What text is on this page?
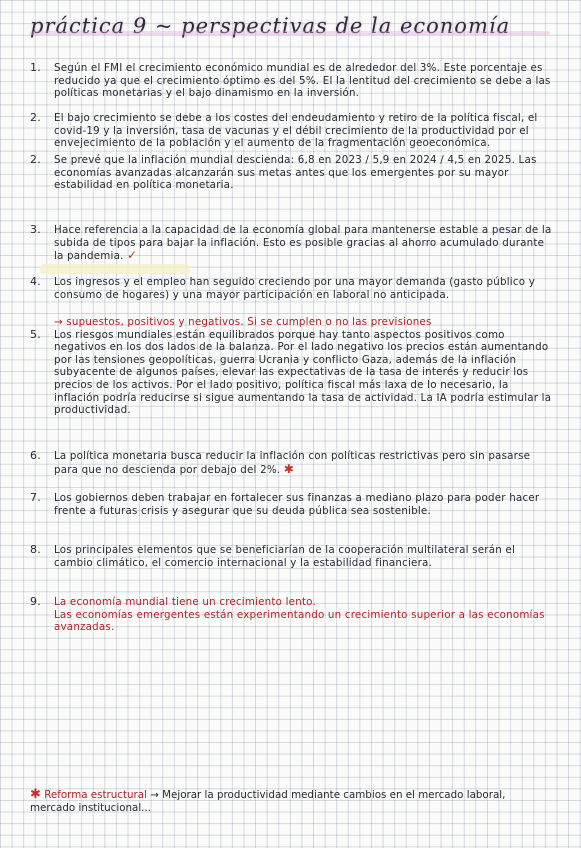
práctica 9 ~ perspectivas de la economía
1. Según el FMI el crecimiento económico mundial es de alrededor del 3%. Este porcentaje es reducido ya que el crecimiento óptimo es del 5%. El la lentitud del crecimiento se debe a las políticas monetarias y el bajo dinamismo en la inversión.
2. El bajo crecimiento se debe a los costes del endeudamiento y retiro de la política fiscal, el covid-19 y la inversión, tasa de vacunas y el débil crecimiento de la productividad por el envejecimiento de la población y el aumento de la fragmentación geoeconómica.
2. Se prevé que la inflación mundial descienda: 6,8 en 2023 / 5,9 en 2024 / 4,5 en 2025. Las economías avanzadas alcanzarán sus metas antes que los emergentes por su mayor estabilidad en política monetaria.
3. Hace referencia a la capacidad de la economía global para mantenerse estable a pesar de la subida de tipos para bajar la inflación. Esto es posible gracias al ahorro acumulado durante la pandemia. ✓
4. Los ingresos y el empleo han seguido creciendo por una mayor demanda (gasto público y consumo de hogares) y una mayor participación en laboral no anticipada.
5.
→ supuestos, positivos y negativos. Si se cumplen o no las previsiones
Los riesgos mundiales están equilibrados porque hay tanto aspectos positivos como negativos en los dos lados de la balanza. Por el lado negativo los precios están aumentando por las tensiones geopolíticas, guerra Ucrania y conflicto Gaza, además de la inflación subyacente de algunos países, elevar las expectativas de la tasa de interés y reducir los precios de los activos. Por el lado positivo, política fiscal más laxa de lo necesario, la inflación podría reducirse si sigue aumentando la tasa de actividad. La IA podría estimular la productividad.
6. La política monetaria busca reducir la inflación con políticas restrictivas pero sin pasarse para que no descienda por debajo del 2%. ✱
7. Los gobiernos deben trabajar en fortalecer sus finanzas a mediano plazo para poder hacer frente a futuras crisis y asegurar que su deuda pública sea sostenible.
8. Los principales elementos que se beneficiarían de la cooperación multilateral serán el cambio climático, el comercio internacional y la estabilidad financiera.
9. La economía mundial tiene un crecimiento lento.
Las economías emergentes están experimentando un crecimiento superior a las economías avanzadas.
✱ Reforma estructural → Mejorar la productividad mediante cambios en el mercado laboral, mercado institucional...
